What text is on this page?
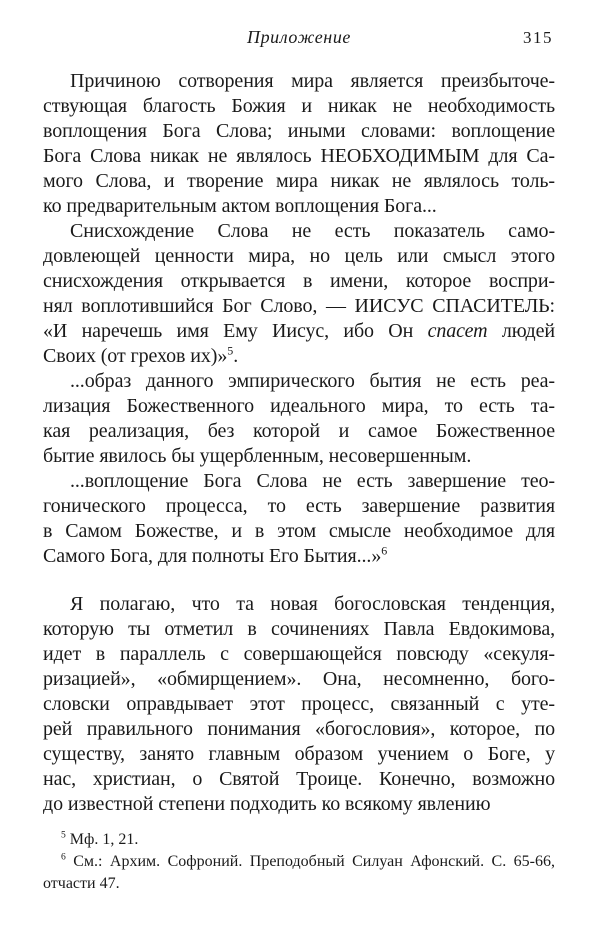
Приложение	315
Причиною сотворения мира является преизбыточе-
ствующая благость Божия и никак не необходимость
воплощения Бога Слова; иными словами: воплощение
Бога Слова никак не являлось НЕОБХОДИМЫМ для Са-
мого Слова, и творение мира никак не являлось толь-
ко предварительным актом воплощения Бога...
Снисхождение Слова не есть показатель само-
довлеющей ценности мира, но цель или смысл этого
снисхождения открывается в имени, которое воспри-
нял воплотившийся Бог Слово, — ИИСУС СПАСИТЕЛЬ:
«И наречешь имя Ему Иисус, ибо Он спасет людей
Своих (от грехов их)»$^5$.
...образ данного эмпирического бытия не есть реа-
лизация Божественного идеального мира, то есть та-
кая реализация, без которой и самое Божественное
бытие явилось бы ущербленным, несовершенным.
...воплощение Бога Слова не есть завершение тео-
гонического процесса, то есть завершение развития
в Самом Божестве, и в этом смысле необходимое для
Самого Бога, для полноты Его Бытия...»$^6$
Я полагаю, что та новая богословская тенденция,
которую ты отметил в сочинениях Павла Евдокимова,
идет в параллель с совершающейся повсюду «секуля-
ризацией», «обмирщением». Она, несомненно, бого-
словски оправдывает этот процесс, связанный с уте-
рей правильного понимания «богословия», которое, по
существу, занято главным образом учением о Боге, у
нас, христиан, о Святой Троице. Конечно, возможно
до известной степени подходить ко всякому явлению
$^5$ Мф. 1, 21.
$^6$ См.: Архим. Софроний. Преподобный Силуан Афонский. С. 65-66,
отчасти 47.
